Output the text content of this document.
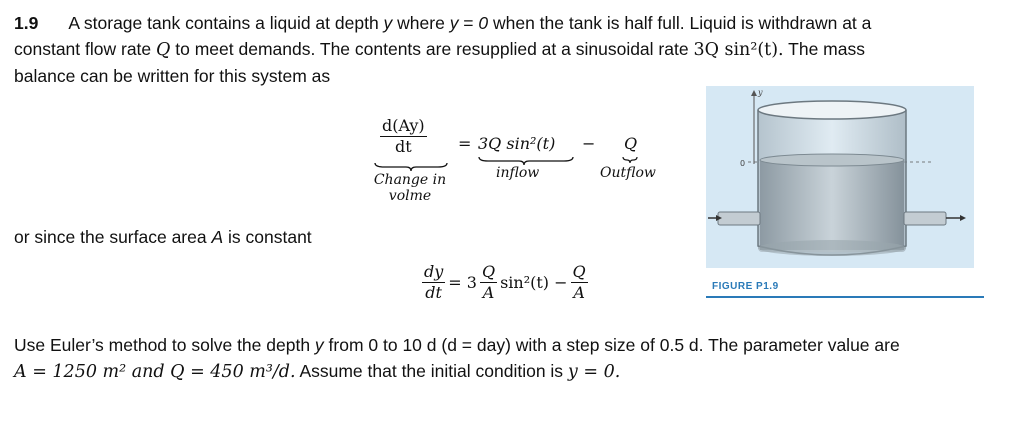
1.9 A storage tank contains a liquid at depth y where y = 0 when the tank is half full. Liquid is withdrawn at a
constant flow rate Q to meet demands. The contents are resupplied at a sinusoidal rate 3Q sin²(t). The mass
balance can be written for this system as
$\frac{d(Ay)}{dt}$
Change in
volme
= 3Q sin²(t)
inflow
− Q
Outflow
or since the surface area A is constant
$\frac{dy}{dt} = 3 \frac{Q}{A} \sin^2(t) - \frac{Q}{A}$
Use Euler’s method to solve the depth y from 0 to 10 d (d = day) with a step size of 0.5 d. The parameter value are
A = 1250 m² and Q = 450 m³/d. Assume that the initial condition is y = 0.
y
0
FIGURE P1.9
